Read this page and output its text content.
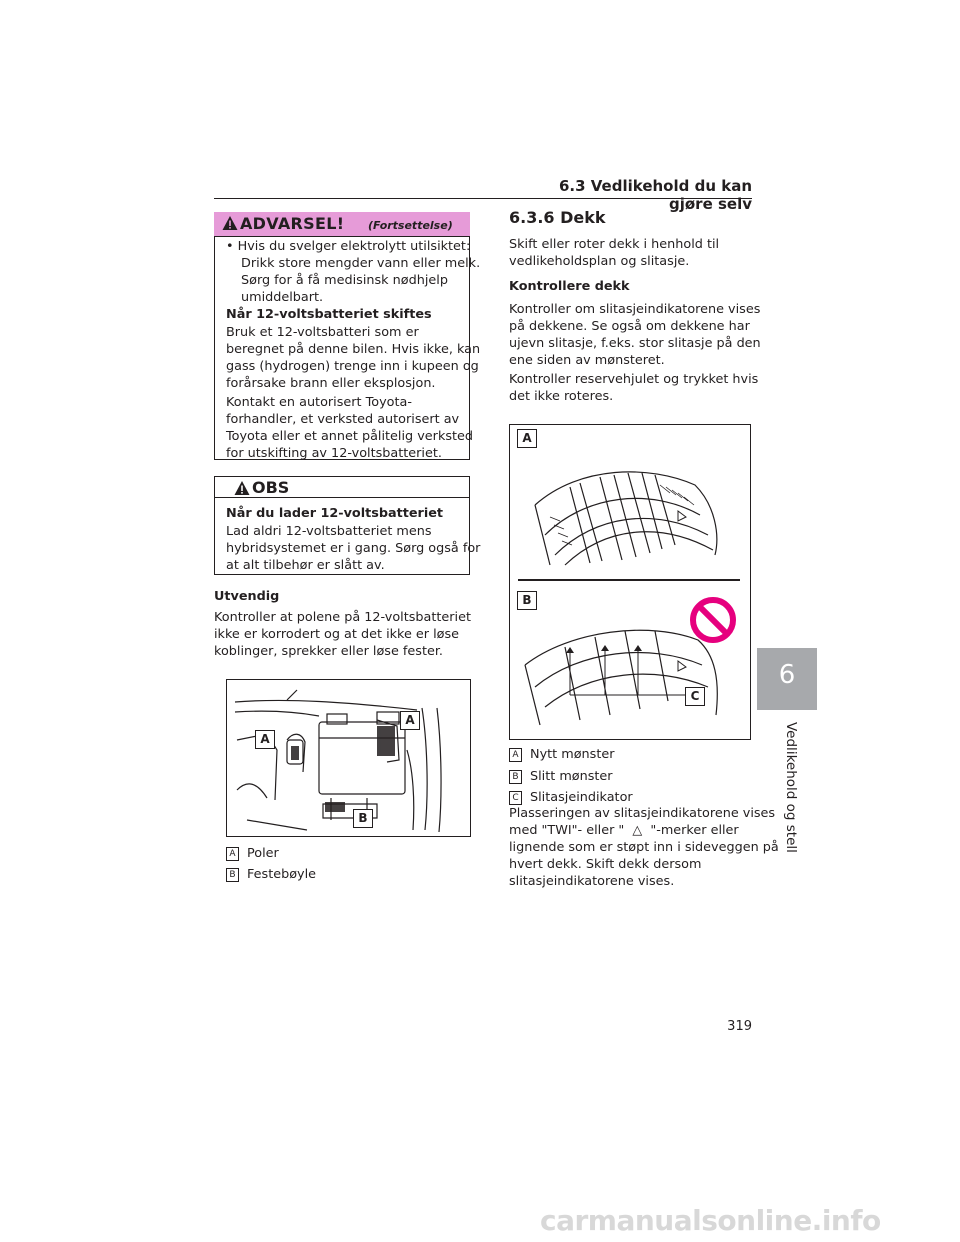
6.3 Vedlikehold du kan gjøre selv
6
Vedlikehold og stell
ADVARSEL! (Fortsettelse)
• Hvis du svelger elektrolytt utilsiktet:
Drikk store mengder vann eller melk.
Sørg for å få medisinsk nødhjelp
umiddelbart.
Når 12-voltsbatteriet skiftes
Bruk et 12-voltsbatteri som er
beregnet på denne bilen. Hvis ikke, kan
gass (hydrogen) trenge inn i kupeen og
forårsake brann eller eksplosjon.
Kontakt en autorisert Toyota-
forhandler, et verksted autorisert av
Toyota eller et annet pålitelig verksted
for utskifting av 12-voltsbatteriet.
OBS
Når du lader 12-voltsbatteriet
Lad aldri 12-voltsbatteriet mens
hybridsystemet er i gang. Sørg også for
at alt tilbehør er slått av.
Utvendig
Kontroller at polene på 12-voltsbatteriet
ikke er korrodert og at det ikke er løse
koblinger, sprekker eller løse fester.
A
A
B
A Poler
B Festebøyle
6.3.6 Dekk
Skift eller roter dekk i henhold til
vedlikeholdsplan og slitasje.
Kontrollere dekk
Kontroller om slitasjeindikatorene vises
på dekkene. Se også om dekkene har
ujevn slitasje, f.eks. stor slitasje på den
ene siden av mønsteret.
Kontroller reservehjulet og trykket hvis
det ikke roteres.
A
B
C
A Nytt mønster
B Slitt mønster
C Slitasjeindikator
Plasseringen av slitasjeindikatorene vises
med "TWI"- eller " △ "-merker eller
lignende som er støpt inn i sideveggen på
hvert dekk. Skift dekk dersom
slitasjeindikatorene vises.
319
carmanualsonline.info
